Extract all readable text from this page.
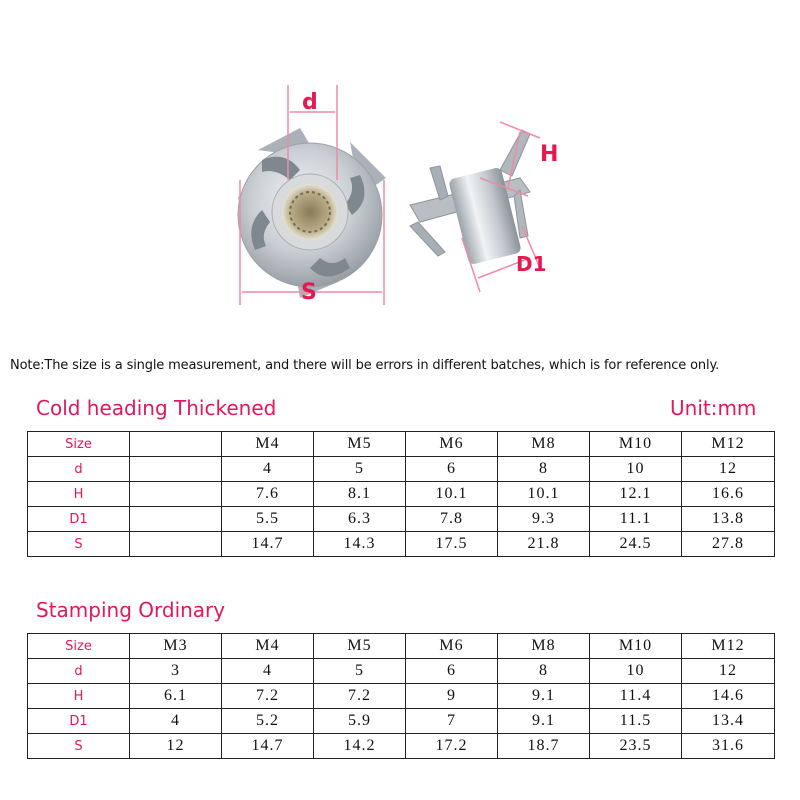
d
S
H
D1
Note:The size is a single measurement, and there will be errors in different batches, which is for reference only.
Cold heading Thickened	Unit:mm
Size		M4	M5	M6	M8	M10	M12
d		4	5	6	8	10	12
H		7.6	8.1	10.1	10.1	12.1	16.6
D1		5.5	6.3	7.8	9.3	11.1	13.8
S		14.7	14.3	17.5	21.8	24.5	27.8
Stamping Ordinary
Size	M3	M4	M5	M6	M8	M10	M12
d	3	4	5	6	8	10	12
H	6.1	7.2	7.2	9	9.1	11.4	14.6
D1	4	5.2	5.9	7	9.1	11.5	13.4
S	12	14.7	14.2	17.2	18.7	23.5	31.6
